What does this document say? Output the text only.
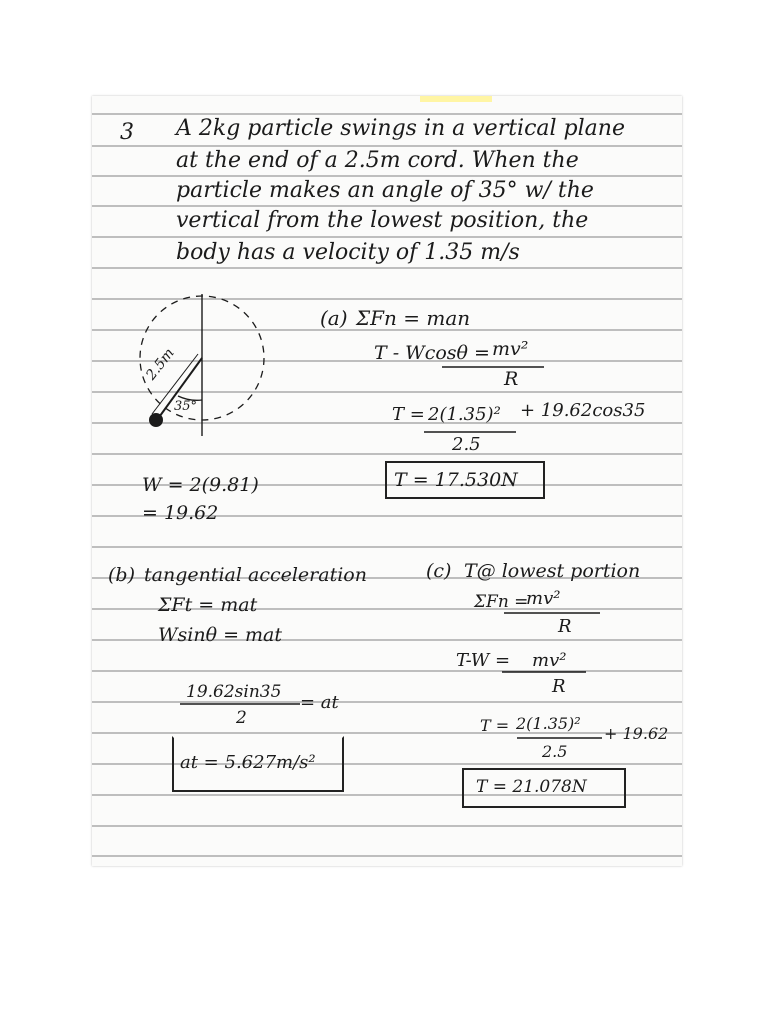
3 A 2kg particle swings in a vertical plane
at the end of a 2.5m cord. When the
particle makes an angle of 35° w/ the
vertical from the lowest position, the
body has a velocity of 1.35 m/s
2.5m
35°
W = 2(9.81)
= 19.62
(a) ΣFn = man
T - Wcosθ = mv²
R
T = 2(1.35)² + 19.62cos35
2.5
T = 17.530N
(b) tangential acceleration
ΣFt = mat
Wsinθ = mat
19.62sin35 = at
2
at = 5.627m/s²
(c) T@ lowest portion
ΣFn =
mv²
R
T-W = mv²
R
T = 2(1.35)²
+ 19.62
2.5
T = 21.078N
